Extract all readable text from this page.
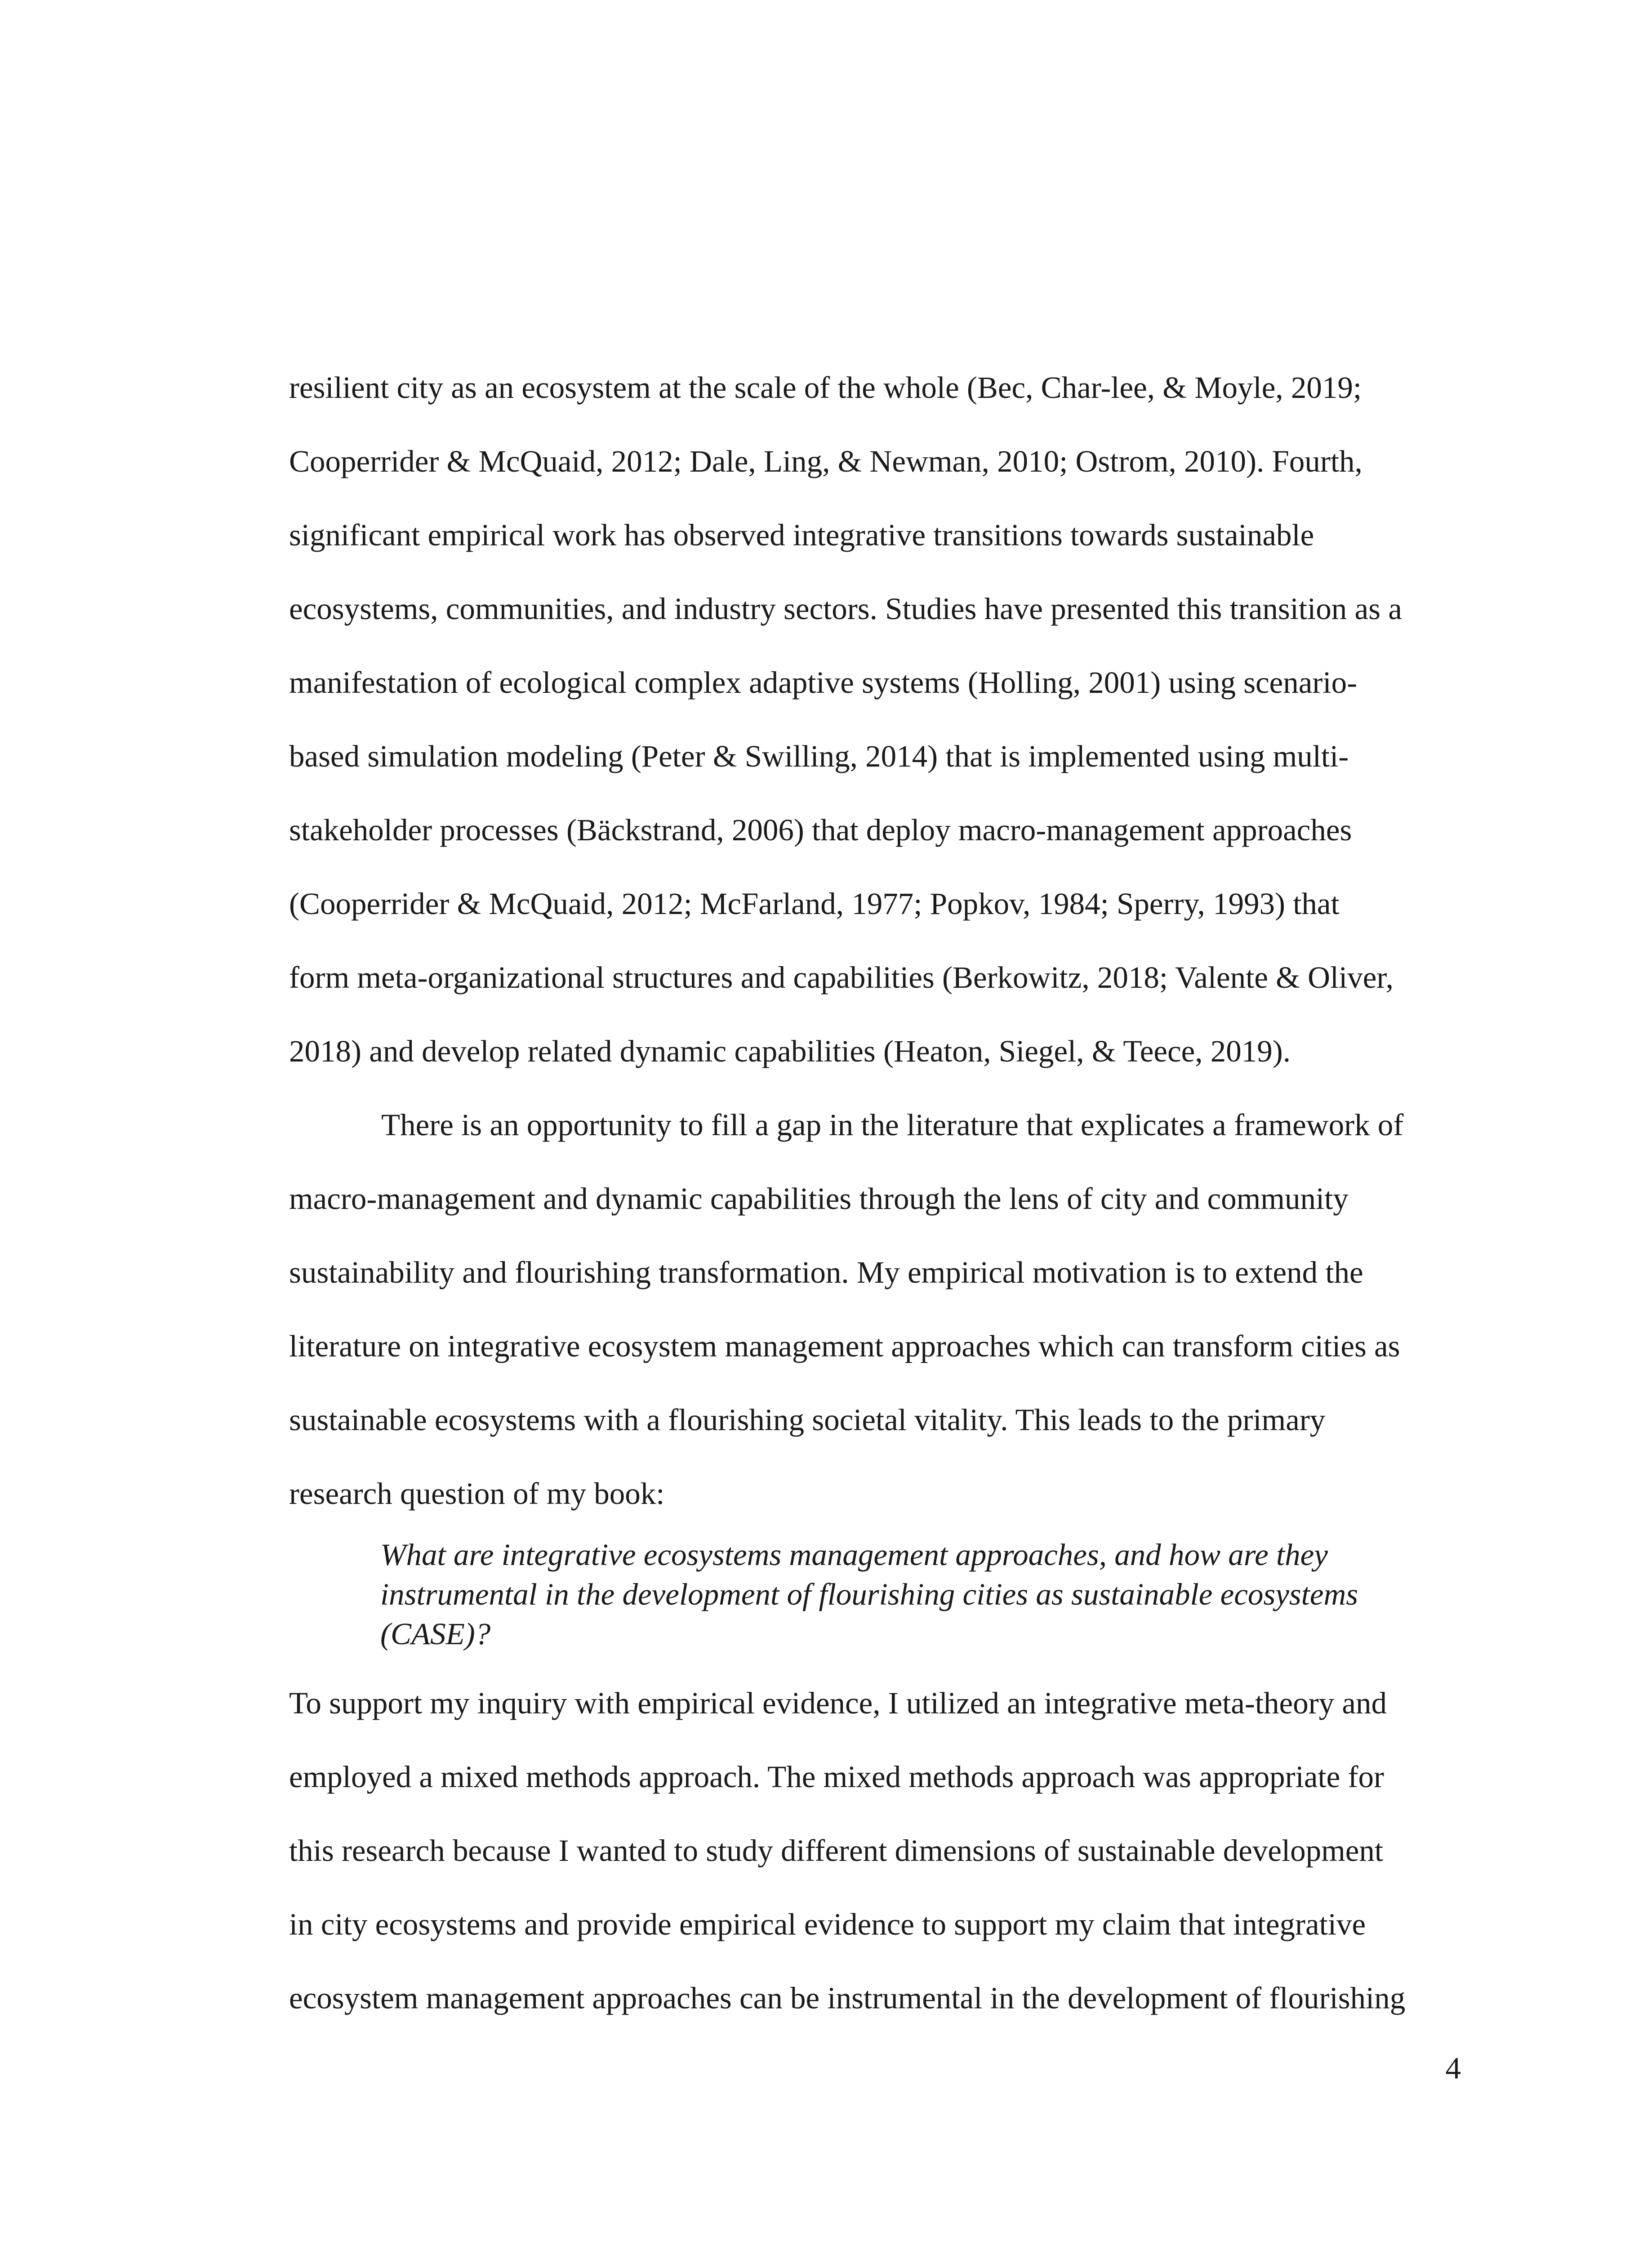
resilient city as an ecosystem at the scale of the whole (Bec, Char-lee, & Moyle, 2019;

Cooperrider & McQuaid, 2012; Dale, Ling, & Newman, 2010; Ostrom, 2010). Fourth,

significant empirical work has observed integrative transitions towards sustainable

ecosystems, communities, and industry sectors. Studies have presented this transition as a

manifestation of ecological complex adaptive systems (Holling, 2001) using scenario-

based simulation modeling (Peter & Swilling, 2014) that is implemented using multi-

stakeholder processes (Bäckstrand, 2006) that deploy macro-management approaches

(Cooperrider & McQuaid, 2012; McFarland, 1977; Popkov, 1984; Sperry, 1993) that

form meta-organizational structures and capabilities (Berkowitz, 2018; Valente & Oliver,

2018) and develop related dynamic capabilities (Heaton, Siegel, & Teece, 2019).

There is an opportunity to fill a gap in the literature that explicates a framework of

macro-management and dynamic capabilities through the lens of city and community

sustainability and flourishing transformation. My empirical motivation is to extend the

literature on integrative ecosystem management approaches which can transform cities as

sustainable ecosystems with a flourishing societal vitality. This leads to the primary

research question of my book:

What are integrative ecosystems management approaches, and how are they
instrumental in the development of flourishing cities as sustainable ecosystems
(CASE)?

To support my inquiry with empirical evidence, I utilized an integrative meta-theory and

employed a mixed methods approach. The mixed methods approach was appropriate for

this research because I wanted to study different dimensions of sustainable development

in city ecosystems and provide empirical evidence to support my claim that integrative

ecosystem management approaches can be instrumental in the development of flourishing

4
